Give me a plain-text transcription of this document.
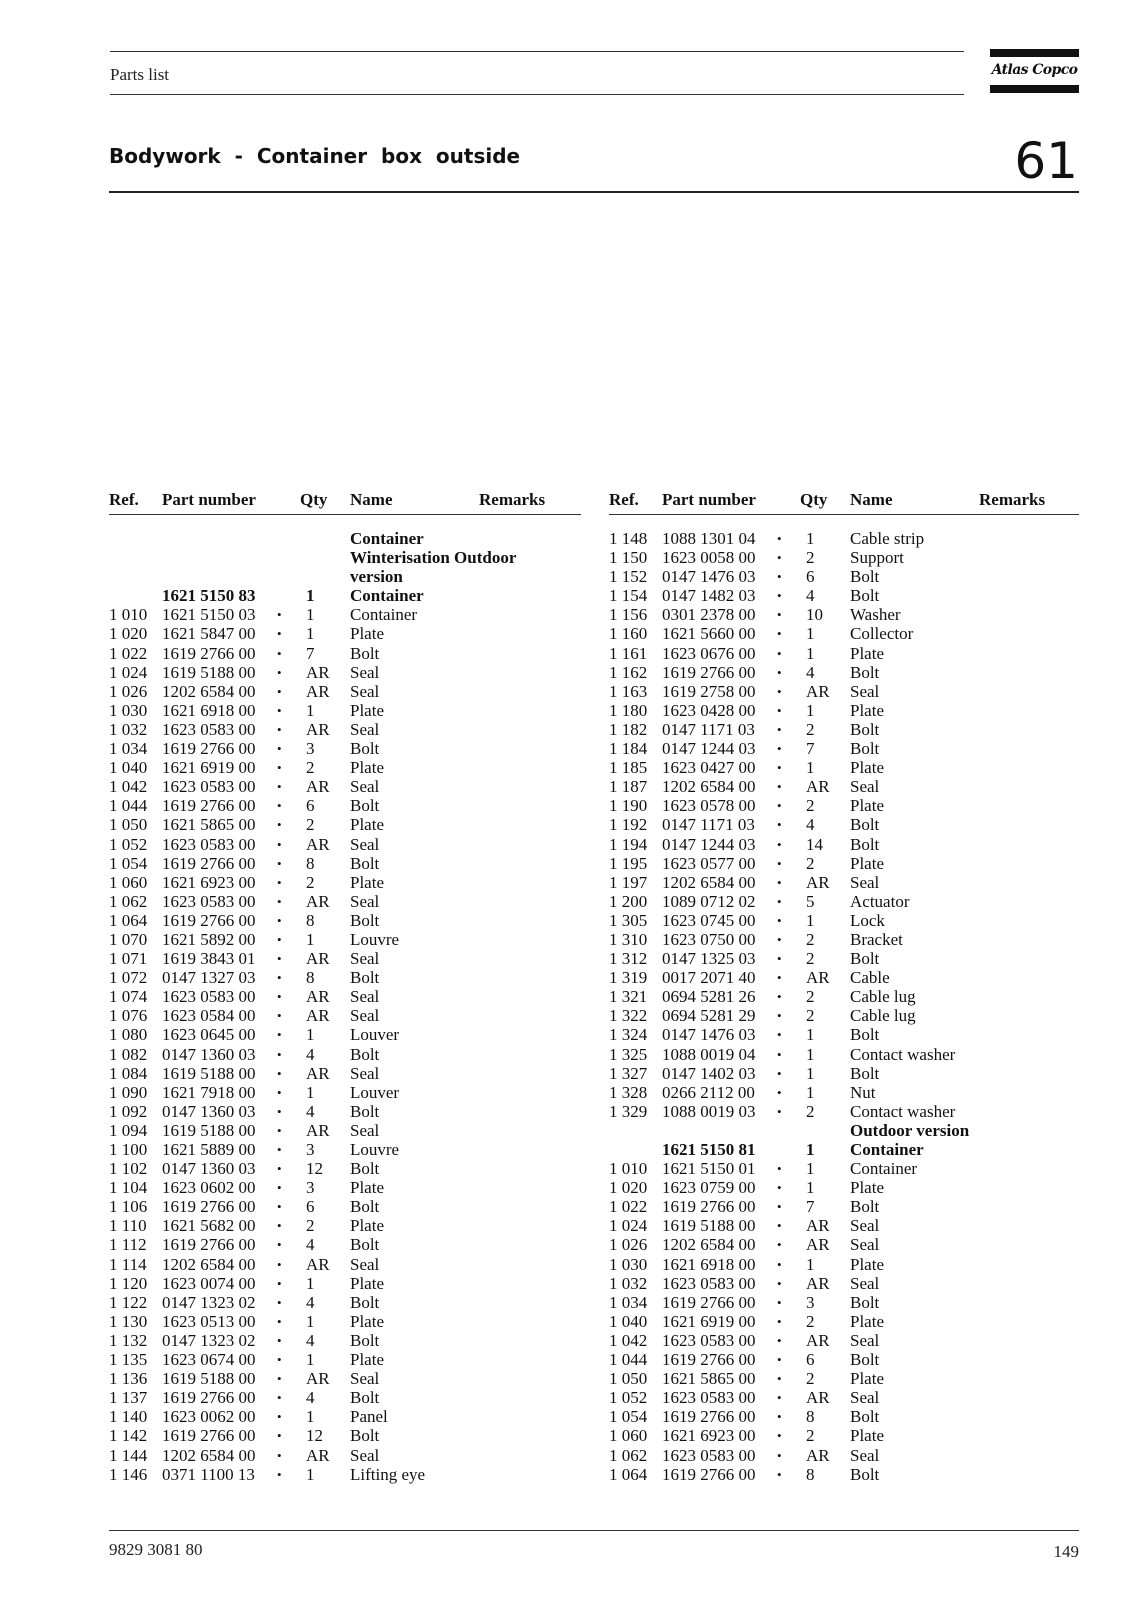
Parts list	Atlas Copco
Bodywork  -  Container  box  outside	61
Ref. Part number	Qty Name	Remarks
Container
Winterisation Outdoor
version
1621 5150 83	1 Container
1 010 1621 5150 03 • 1 Container
1 020 1621 5847 00 • 1 Plate
1 022 1619 2766 00 • 7 Bolt
1 024 1619 5188 00 • AR Seal
1 026 1202 6584 00 • AR Seal
1 030 1621 6918 00 • 1 Plate
1 032 1623 0583 00 • AR Seal
1 034 1619 2766 00 • 3 Bolt
1 040 1621 6919 00 • 2 Plate
1 042 1623 0583 00 • AR Seal
1 044 1619 2766 00 • 6 Bolt
1 050 1621 5865 00 • 2 Plate
1 052 1623 0583 00 • AR Seal
1 054 1619 2766 00 • 8 Bolt
1 060 1621 6923 00 • 2 Plate
1 062 1623 0583 00 • AR Seal
1 064 1619 2766 00 • 8 Bolt
1 070 1621 5892 00 • 1 Louvre
1 071 1619 3843 01 • AR Seal
1 072 0147 1327 03 • 8 Bolt
1 074 1623 0583 00 • AR Seal
1 076 1623 0584 00 • AR Seal
1 080 1623 0645 00 • 1 Louver
1 082 0147 1360 03 • 4 Bolt
1 084 1619 5188 00 • AR Seal
1 090 1621 7918 00 • 1 Louver
1 092 0147 1360 03 • 4 Bolt
1 094 1619 5188 00 • AR Seal
1 100 1621 5889 00 • 3 Louvre
1 102 0147 1360 03 • 12 Bolt
1 104 1623 0602 00 • 3 Plate
1 106 1619 2766 00 • 6 Bolt
1 110 1621 5682 00 • 2 Plate
1 112 1619 2766 00 • 4 Bolt
1 114 1202 6584 00 • AR Seal
1 120 1623 0074 00 • 1 Plate
1 122 0147 1323 02 • 4 Bolt
1 130 1623 0513 00 • 1 Plate
1 132 0147 1323 02 • 4 Bolt
1 135 1623 0674 00 • 1 Plate
1 136 1619 5188 00 • AR Seal
1 137 1619 2766 00 • 4 Bolt
1 140 1623 0062 00 • 1 Panel
1 142 1619 2766 00 • 12 Bolt
1 144 1202 6584 00 • AR Seal
1 146 0371 1100 13 • 1 Lifting eye
Ref. Part number	Qty Name	Remarks
1 148 1088 1301 04 • 1 Cable strip
1 150 1623 0058 00 • 2 Support
1 152 0147 1476 03 • 6 Bolt
1 154 0147 1482 03 • 4 Bolt
1 156 0301 2378 00 • 10 Washer
1 160 1621 5660 00 • 1 Collector
1 161 1623 0676 00 • 1 Plate
1 162 1619 2766 00 • 4 Bolt
1 163 1619 2758 00 • AR Seal
1 180 1623 0428 00 • 1 Plate
1 182 0147 1171 03 • 2 Bolt
1 184 0147 1244 03 • 7 Bolt
1 185 1623 0427 00 • 1 Plate
1 187 1202 6584 00 • AR Seal
1 190 1623 0578 00 • 2 Plate
1 192 0147 1171 03 • 4 Bolt
1 194 0147 1244 03 • 14 Bolt
1 195 1623 0577 00 • 2 Plate
1 197 1202 6584 00 • AR Seal
1 200 1089 0712 02 • 5 Actuator
1 305 1623 0745 00 • 1 Lock
1 310 1623 0750 00 • 2 Bracket
1 312 0147 1325 03 • 2 Bolt
1 319 0017 2071 40 • AR Cable
1 321 0694 5281 26 • 2 Cable lug
1 322 0694 5281 29 • 2 Cable lug
1 324 0147 1476 03 • 1 Bolt
1 325 1088 0019 04 • 1 Contact washer
1 327 0147 1402 03 • 1 Bolt
1 328 0266 2112 00 • 1 Nut
1 329 1088 0019 03 • 2 Contact washer
Outdoor version
1621 5150 81	1 Container
1 010 1621 5150 01 • 1 Container
1 020 1623 0759 00 • 1 Plate
1 022 1619 2766 00 • 7 Bolt
1 024 1619 5188 00 • AR Seal
1 026 1202 6584 00 • AR Seal
1 030 1621 6918 00 • 1 Plate
1 032 1623 0583 00 • AR Seal
1 034 1619 2766 00 • 3 Bolt
1 040 1621 6919 00 • 2 Plate
1 042 1623 0583 00 • AR Seal
1 044 1619 2766 00 • 6 Bolt
1 050 1621 5865 00 • 2 Plate
1 052 1623 0583 00 • AR Seal
1 054 1619 2766 00 • 8 Bolt
1 060 1621 6923 00 • 2 Plate
1 062 1623 0583 00 • AR Seal
1 064 1619 2766 00 • 8 Bolt
9829 3081 80	149
